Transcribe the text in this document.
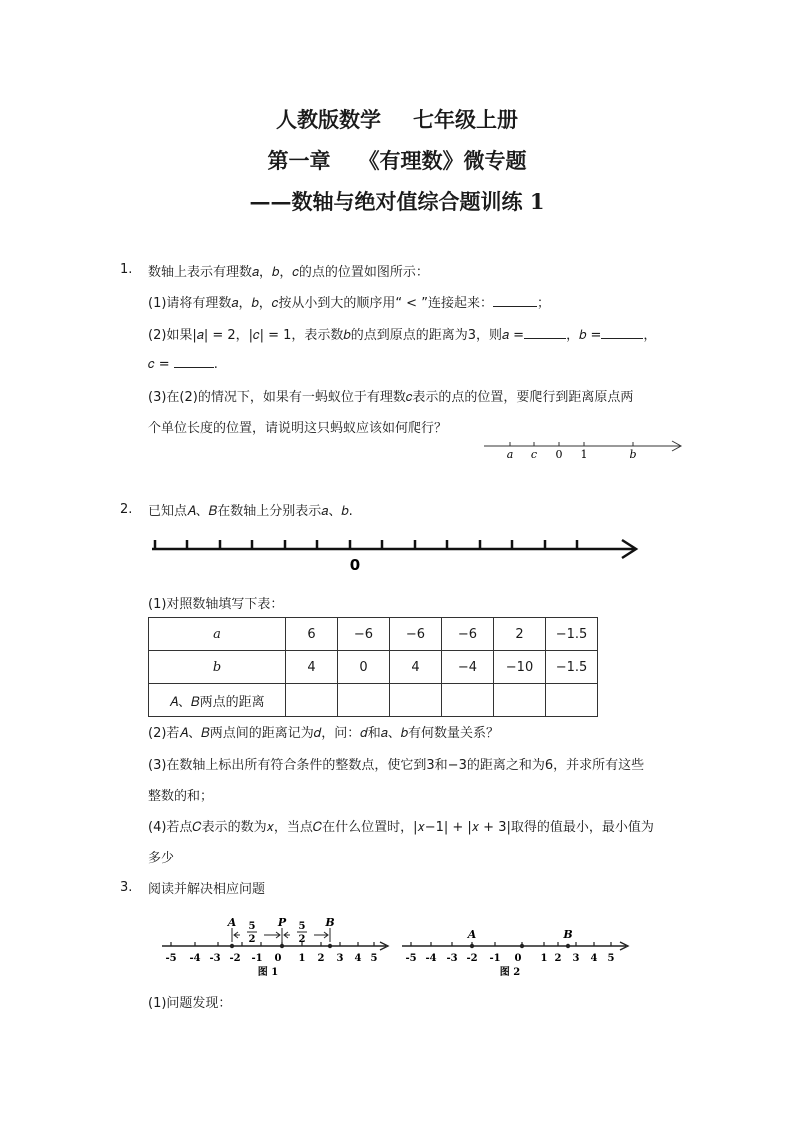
人教版数学 七年级上册
第一章 《有理数》微专题
——数轴与绝对值综合题训练 1
1. 数轴上表示有理数𝑎，𝑏，𝑐的点的位置如图所示：
(1)请将有理数𝑎，𝑏，𝑐按从小到大的顺序用“ < ”连接起来：	；
(2)如果|𝑎| = 2，|𝑐| = 1，表示数𝑏的点到原点的距离为3，则𝑎 =	，𝑏 =	，
𝑐 =	.
(3)在(2)的情况下，如果有一蚂蚁位于有理数𝑐表示的点的位置，要爬行到距离原点两
个单位长度的位置，请说明这只蚂蚁应该如何爬行？
a c 0 1	b
2. 已知点𝐴、𝐵在数轴上分别表示𝑎、𝑏.
0
(1)对照数轴填写下表：
𝑎	6	−6	−6	−6	2	−1.5
𝑏	4	0	4	−4	−10	−1.5
𝐴、𝐵两点的距离						
(2)若𝐴、𝐵两点间的距离记为𝑑，问：𝑑和𝑎、𝑏有何数量关系？
(3)在数轴上标出所有符合条件的整数点，使它到3和−3的距离之和为6，并求所有这些
整数的和；
(4)若点𝐶表示的数为𝑥，当点𝐶在什么位置时，|𝑥−1| + |𝑥 + 3|取得的值最小，最小值为
多少
3. 阅读并解决相应问题
5
2
5
2
A	P	B
-5 -4 -3 -2 -1 0 1 2 3 4 5
图 1
A	B
-5 -4 -3 -2 -1 0 1 2 3 4 5
图 2
(1)问题发现：
